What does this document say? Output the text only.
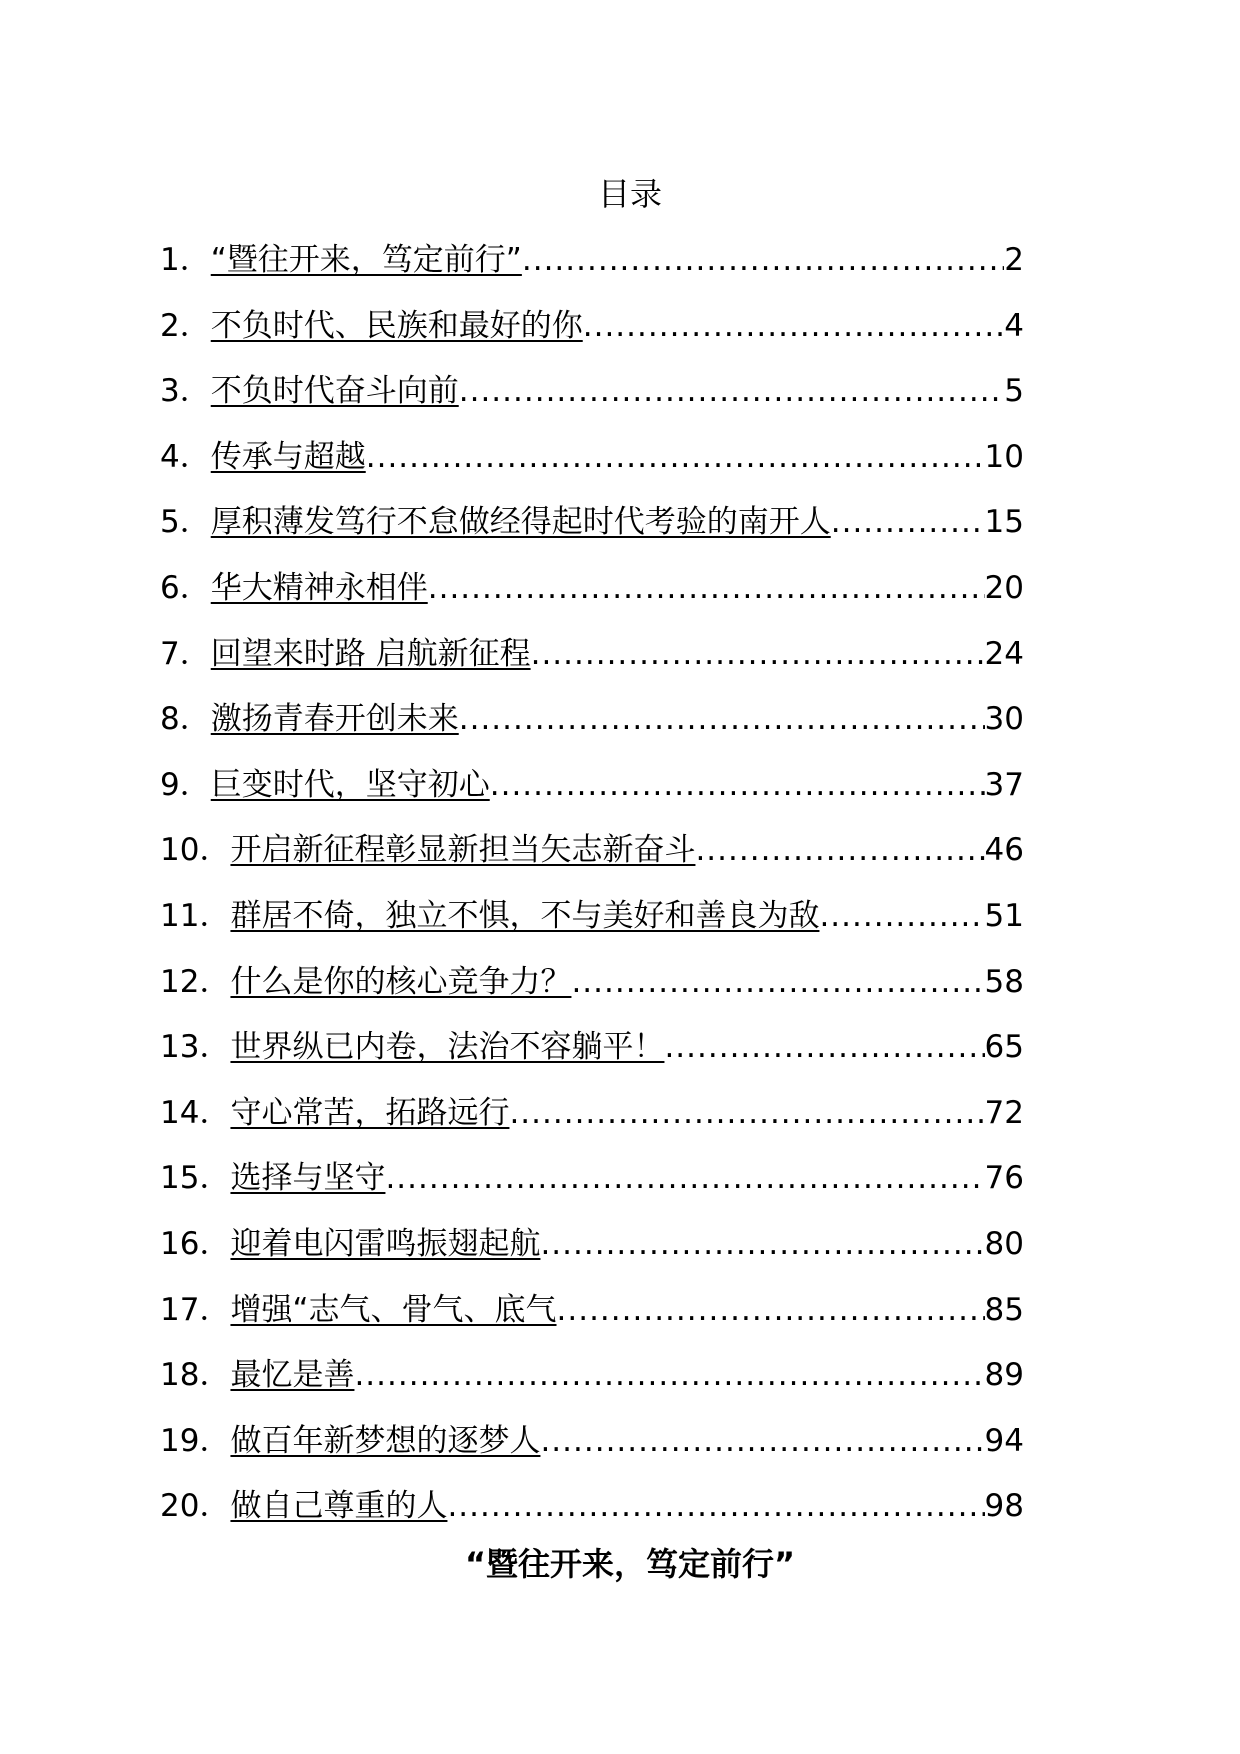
目录
1． “暨往开来，笃定前行” .....	2
2． 不负时代、民族和最好的你 .....	4
3． 不负时代奋斗向前 .....	5
4． 传承与超越 .....	10
5． 厚积薄发笃行不怠做经得起时代考验的南开人 .....	15
6． 华大精神永相伴 .....	20
7． 回望来时路 启航新征程 .....	24
8． 激扬青春开创未来 .....	30
9． 巨变时代，坚守初心 .....	37
10． 开启新征程彰显新担当矢志新奋斗 .....	46
11． 群居不倚，独立不惧，不与美好和善良为敌 .....	51
12． 什么是你的核心竞争力？ .....	58
13． 世界纵已内卷，法治不容躺平！ .....	65
14． 守心常苦，拓路远行 .....	72
15． 选择与坚守 .....	76
16． 迎着电闪雷鸣振翅起航 .....	80
17． 增强“志气、骨气、底气 .....	85
18． 最忆是善 .....	89
19． 做百年新梦想的逐梦人 .....	94
20． 做自己尊重的人 .....	98
“暨往开来，笃定前行”
